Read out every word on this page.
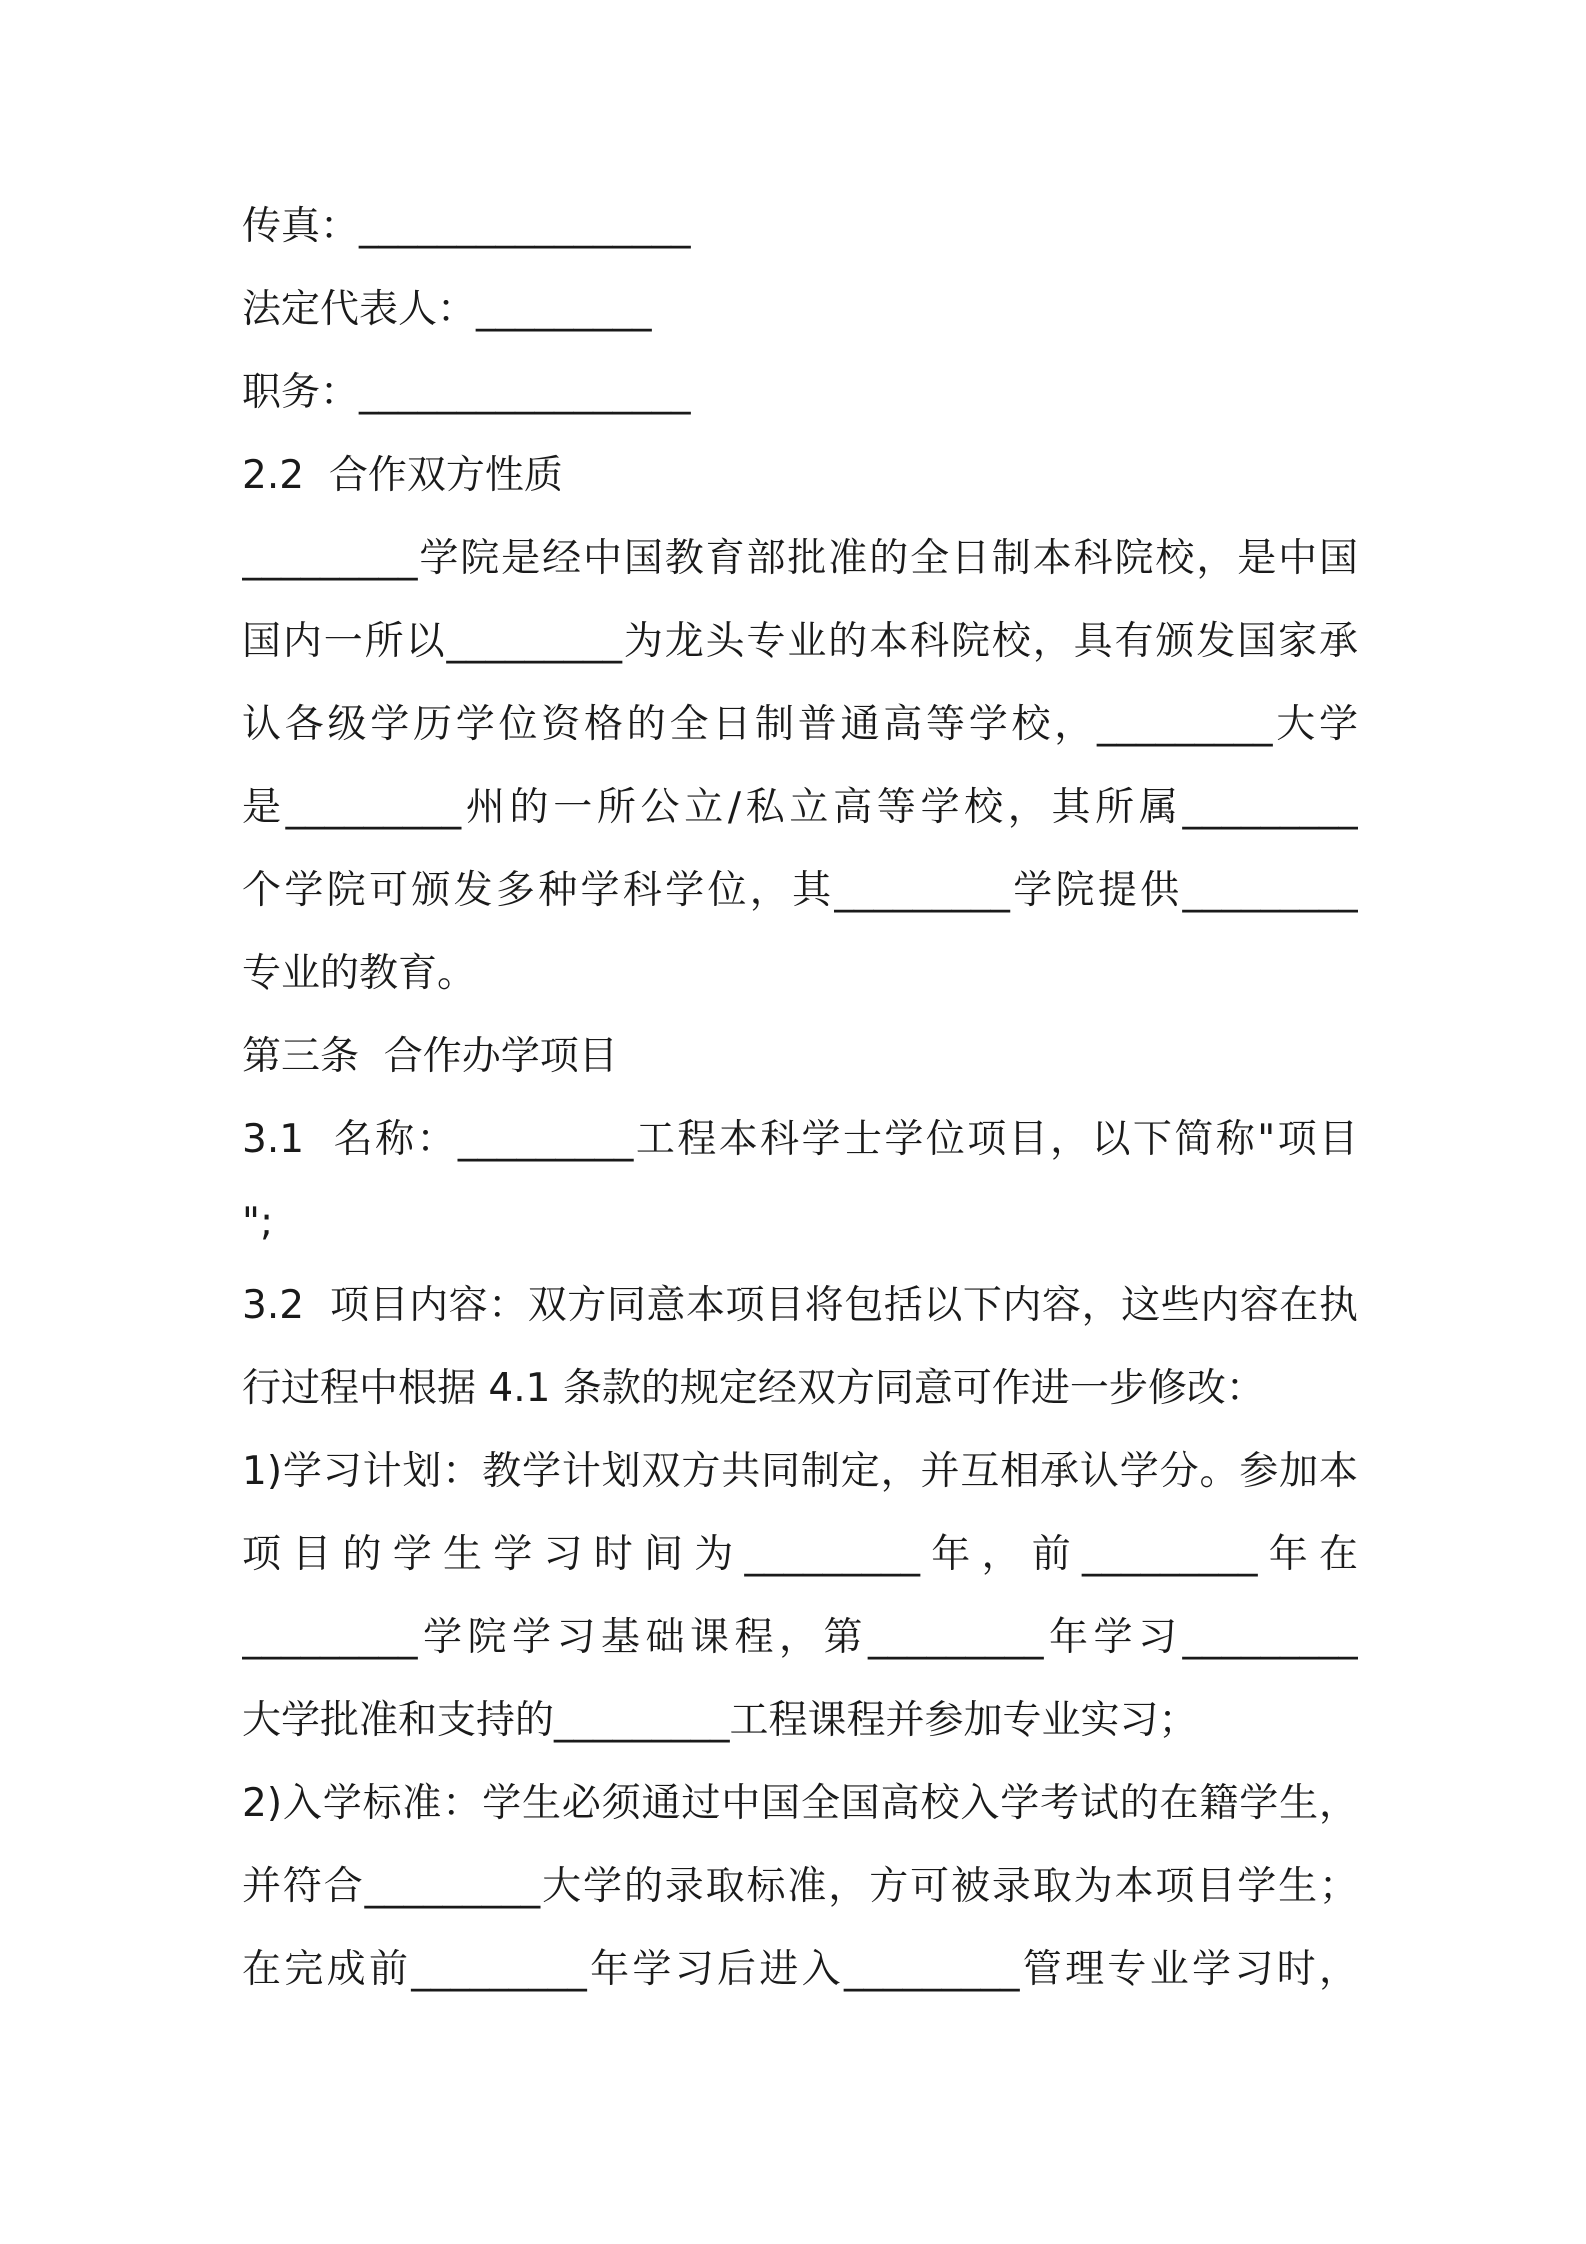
传真：_________________
法定代表人：_________
职务：_________________
2.2  合作双方性质
_________学院是经中国教育部批准的全日制本科院校，是中国
国内一所以_________为龙头专业的本科院校，具有颁发国家承
认各级学历学位资格的全日制普通高等学校，_________大学
是_________州的一所公立/私立高等学校，其所属_________
个学院可颁发多种学科学位，其_________学院提供_________
专业的教育。
第三条  合作办学项目
3.1  名称：_________工程本科学士学位项目，以下简称"项目
";
3.2  项目内容：双方同意本项目将包括以下内容，这些内容在执
行过程中根据 4.1 条款的规定经双方同意可作进一步修改：
1)学习计划：教学计划双方共同制定，并互相承认学分。参加本
项目的学生学习时间为_________年，前_________年在
_________学院学习基础课程，第_________年学习_________
大学批准和支持的_________工程课程并参加专业实习；
2)入学标准：学生必须通过中国全国高校入学考试的在籍学生，
并符合_________大学的录取标准，方可被录取为本项目学生；
在完成前_________年学习后进入_________管理专业学习时，
